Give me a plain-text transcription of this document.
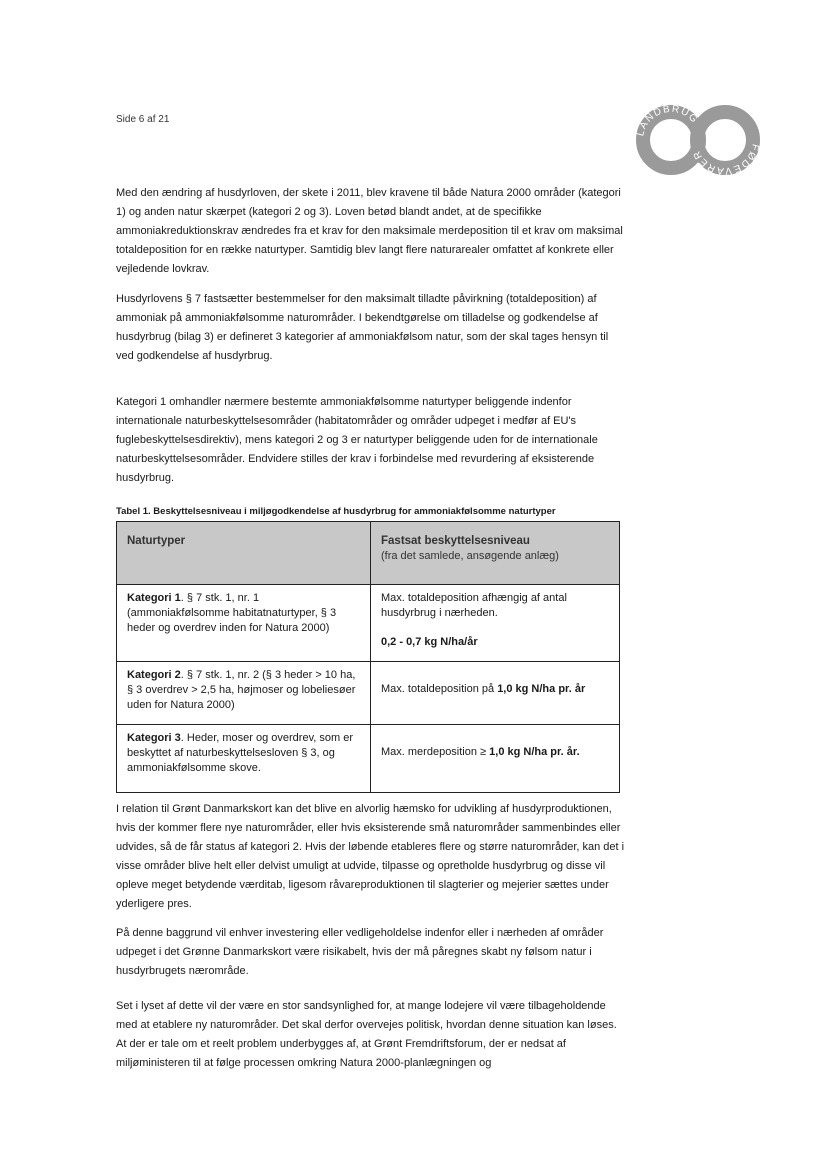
Side 6 af 21
LANDBRUG
FØDEVARER

Med den ændring af husdyrloven, der skete i 2011, blev kravene til både Natura 2000 områder (kategori 1) og anden natur skærpet (kategori 2 og 3). Loven betød blandt andet, at de specifikke ammoniakreduktionskrav ændredes fra et krav for den maksimale merdeposition til et krav om maksimal totaldeposition for en række naturtyper. Samtidig blev langt flere naturarealer omfattet af konkrete eller vejledende lovkrav.

Husdyrlovens § 7 fastsætter bestemmelser for den maksimalt tilladte påvirkning (totaldeposition) af ammoniak på ammoniakfølsomme naturområder. I bekendtgørelse om tilladelse og godkendelse af husdyrbrug (bilag 3) er defineret 3 kategorier af ammoniakfølsom natur, som der skal tages hensyn til ved godkendelse af husdyrbrug.

Kategori 1 omhandler nærmere bestemte ammoniakfølsomme naturtyper beliggende indenfor internationale naturbeskyttelsesområder (habitatområder og områder udpeget i medfør af EU's fuglebeskyttelsesdirektiv), mens kategori 2 og 3 er naturtyper beliggende uden for de internationale naturbeskyttelsesområder. Endvidere stilles der krav i forbindelse med revurdering af eksisterende husdyrbrug.

Tabel 1. Beskyttelsesniveau i miljøgodkendelse af husdyrbrug for ammoniakfølsomme naturtyper

Naturtyper	Fastsat beskyttelsesniveau
(fra det samlede, ansøgende anlæg)
Kategori 1. § 7 stk. 1, nr. 1 (ammoniakfølsomme habitatnaturtyper, § 3 heder og overdrev inden for Natura 2000)	Max. totaldeposition afhængig af antal husdyrbrug i nærheden.
0,2 - 0,7 kg N/ha/år

Kategori 2. § 7 stk. 1, nr. 2 (§ 3 heder > 10 ha, § 3 overdrev > 2,5 ha, højmoser og lobeliesøer uden for Natura 2000)	Max. totaldeposition på 1,0 kg N/ha pr. år

Kategori 3. Heder, moser og overdrev, som er beskyttet af naturbeskyttelsesloven § 3, og ammoniakfølsomme skove.	Max. merdeposition ≥ 1,0 kg N/ha pr. år.

I relation til Grønt Danmarkskort kan det blive en alvorlig hæmsko for udvikling af husdyrproduktionen, hvis der kommer flere nye naturområder, eller hvis eksisterende små naturområder sammenbindes eller udvides, så de får status af kategori 2. Hvis der løbende etableres flere og større naturområder, kan det i visse områder blive helt eller delvist umuligt at udvide, tilpasse og opretholde husdyrbrug og disse vil opleve meget betydende værditab, ligesom råvareproduktionen til slagterier og mejerier sættes under yderligere pres.

På denne baggrund vil enhver investering eller vedligeholdelse indenfor eller i nærheden af områder udpeget i det Grønne Danmarkskort være risikabelt, hvis der må påregnes skabt ny følsom natur i husdyrbrugets nærområde.

Set i lyset af dette vil der være en stor sandsynlighed for, at mange lodejere vil være tilbageholdende med at etablere ny naturområder. Det skal derfor overvejes politisk, hvordan denne situation kan løses. At der er tale om et reelt problem underbygges af, at Grønt Fremdriftsforum, der er nedsat af miljøministeren til at følge processen omkring Natura 2000-planlægningen og
